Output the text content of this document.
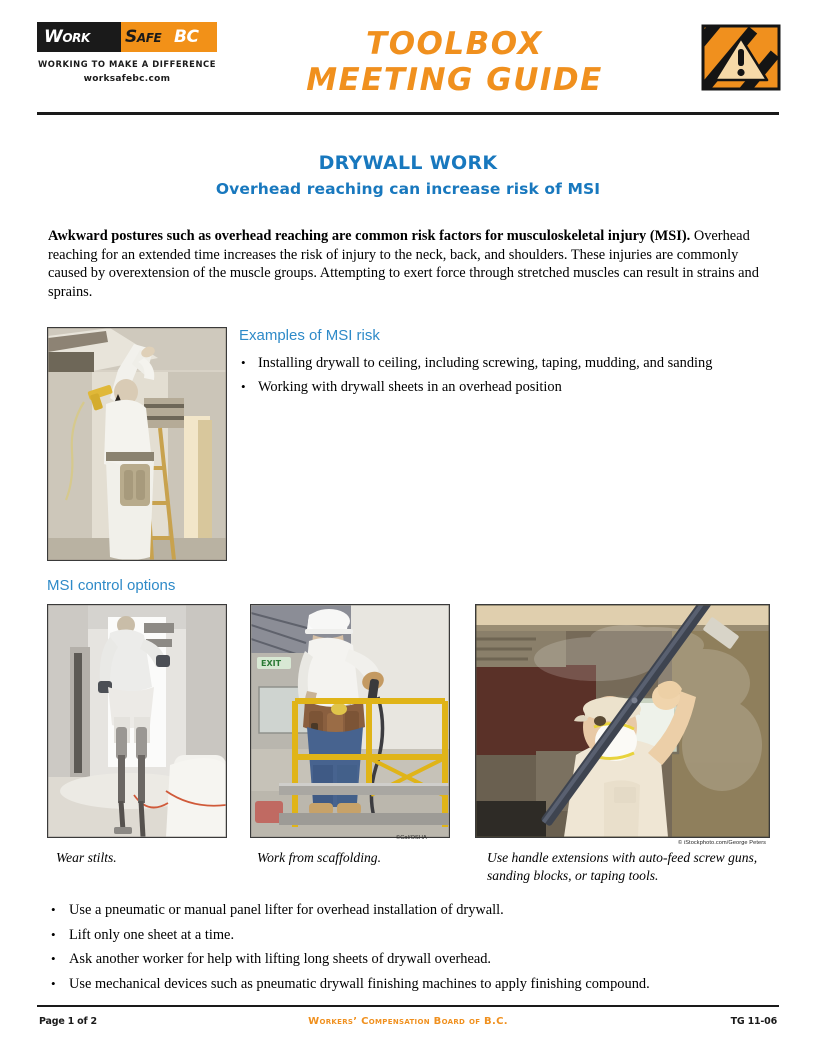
Work Safe BC
WORKING TO MAKE A DIFFERENCE
worksafebc.com
TOOLBOX
MEETING GUIDE
DRYWALL WORK
Overhead reaching can increase risk of MSI
Awkward postures such as overhead reaching are common risk factors for musculoskeletal injury (MSI). Overhead reaching for an extended time increases the risk of injury to the neck, back, and shoulders. These injuries are commonly caused by overextension of the muscle groups. Attempting to exert force through stretched muscles can result in strains and sprains.
Examples of MSI risk
• Installing drywall to ceiling, including screwing, taping, mudding, and sanding
• Working with drywall sheets in an overhead position
MSI control options
EXIT
©Cal/OSHA
© iStockphoto.com/George Peters
Wear stilts.	Work from scaffolding.	Use handle extensions with auto-feed screw guns, sanding blocks, or taping tools.
• Use a pneumatic or manual panel lifter for overhead installation of drywall.
• Lift only one sheet at a time.
• Ask another worker for help with lifting long sheets of drywall overhead.
• Use mechanical devices such as pneumatic drywall finishing machines to apply finishing compound.
Page 1 of 2	Workers’ Compensation Board of B.C.	TG 11-06
